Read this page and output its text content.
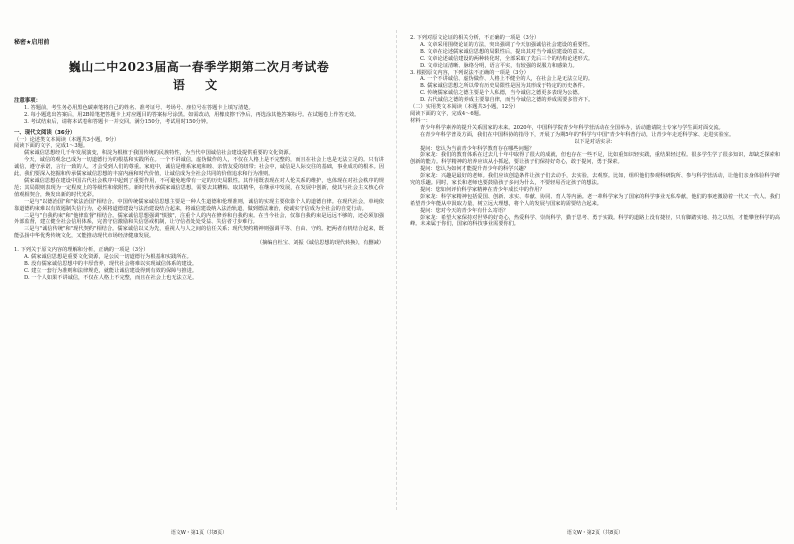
秘密★启用前
巍山二中2023届高一春季学期第二次月考试卷
语 文

注意事项：

1. 答题前，考生务必用黑色碳素笔将自己的姓名、准考证号、考场号、座位号在答题卡上填写清楚。

2. 每小题选出答案后，用2B铅笔把答题卡上对应题目的答案标号涂黑。如需改动，用橡皮擦干净后，再选涂其他答案标号。在试题卷上作答无效。

3. 考试结束后，请将本试卷和答题卡一并交回。满分150分，考试用时150分钟。

一、现代文阅读（36分）

（一）论述类文本阅读（本题共3小题，9分）

阅读下面的文字，完成1～3题。

儒家诚信思想经几千年发展演变，积淀为根植于我国传统的民族特性，为当代中国诚信社会建设提供重要的文化资源。

今天，诚信的观念已成为一切道德行为的根基和实践所在。一个不讲诚信，虚伪做作的人，不仅在人格上是不完整的，而且在社会上也是无法立足的。只有讲诚信，遵守承诺，言行一致的人，才会受到人们的尊重。家庭中，诚信是维系家庭和睦、亲情友爱的纽带；社会中，诚信是人际交往的基础，事业成功的根本。因此，我们要深入挖掘和传承儒家诚信思想的丰富内涵和时代价值，让诚信成为全社会共同的价值追求和行为准则。

儒家诚信思想在建设中国古代社会秩序中起到了重要作用，不可避免地带有一定的历史局限性。其作用既表现在对人伦关系的维护，也体现在对社会秩序的规范；其局限则表现为一定程度上的等级性和依附性。新时代传承儒家诚信思想，需要去其糟粕、取其精华，在继承中发展，在发展中创新，使其与社会主义核心价值观相契合，焕发出新的时代光彩。

一是与"以德治国"和"依法治国"相结合。中国传统儒家诚信思想主要是一种人生道德和伦理准则，诚信的实现主要依靠个人的道德自律。在现代社会，单纯依靠道德约束难以有效遏制失信行为，必须将道德建设与法治建设结合起来，将诚信建设纳入法治轨道，做到德法兼治，使诚实守信成为全社会的自觉行动。

二是与"自我约束"和"他律监督"相结合。儒家诚信思想强调"慎独"，注重个人的内在修养和自我约束。在当今社会，仅靠自我约束是远远不够的，还必须加强外部监督，建立健全社会信用体系，完善守信激励和失信惩戒机制，让守信者处处受益、失信者寸步难行。

三是与"诚信传统"和"现代契约"相结合。儒家诚信以义为先，重视人与人之间的信任关系；现代契约精神则强调平等、自由、守约。把两者有机结合起来，既能弘扬中华优秀传统文化，又能推动现代市场经济健康发展。

（摘编自杜宝、刘振《诚信思想的现代转换》，有删减）

1. 下列关于原文内容的理解和分析，正确的一项是（3分）

A. 儒家诚信思想是重要文化资源，是公民一切道德行为根基和实践所在。

B. 没有儒家诚信思想中的丰厚营养，现代社会将难以实现诚信体系的建设。

C. 建立一套行为准则和法律规范，就能让诚信建设得到有效的保障与推进。

D. 一个人如果不讲诚信，不仅在人格上不完整，而且在社会上也无法立足。

语文W・第1页（共8页）

2. 下列对原文论证的相关分析，不正确的一项是（3分）

A. 文章采用围绕论证的方法，突出强调了今天加强诚信社会建设的重要性。

B. 文章在论述儒家诚信思想的局限性后，提出其对当今诚信建设的意义。

C. 文章论述诚信建设的两种转化时，全部采取了先后三个的结构论述形式。

D. 文章论证清晰、脉络分明，语言平实，有较强的说服力和感染力。

3. 根据原文内容，下列说法不正确的一项是（3分）

A. 一个不讲诚信、虚伪做作、人格上不健全的人，在社会上是无法立足的。

B. 儒家诚信思想之所以带有历史局限性是因为其形成于特定的历史条件。

C. 传统儒家诚信之德主要是个人私德，当今诚信之德更多表现为公德。

D. 古代诚信之德的养成主要靠自律，而当今诚信之德的养成需要多管齐下。

（二）实用类文本阅读（本题共3小题，12分）

阅读下面的文字，完成4～6题。

材料一：

青少年科学素养的提升关系国家的未来。2020年，中国科学院青少年科学营活动在全国举办，活动邀请院士专家与学生面对面交流。

在青少年科学普及方面，我们在中国科协的指导下，开展了为期5年的"科学与中国"青少年科普行动，让青少年走近科学家、走进实验室。

以下是对话实录：

提问：您认为当前青少年科学教育存在哪些问题？

彭家龙：我们的教育体系在过去几十年中取得了很大的成就，但也存在一些不足，比如重知识轻实践，重结果轻过程。很多学生学了很多知识，却缺乏探索和创新的能力。科学精神的培养应该从小抓起，要让孩子们保持好奇心，敢于提问，勇于探索。

提问：您认为如何才能提升青少年的科学兴趣？

彭家龙：兴趣是最好的老师。我们应该创造条件让孩子们去动手，去实验，去观察。比如，组织他们参观科研院所、参与科学营活动，让他们亲身体验科学研究的乐趣。同时，家长和老师也要鼓励孩子多问为什么，不要轻易否定孩子的想法。

提问：您如何评价科学家精神在青少年成长中的作用？

彭家龙：科学家精神包括爱国、创新、求实、奉献、协同、育人等内涵。老一辈科学家为了国家的科学事业无私奉献，他们的事迹激励着一代又一代人。我们希望青少年能从中汲取力量，树立远大理想，将个人的发展与国家的需要结合起来。

提问：您对今天的青少年有什么寄语？

彭家龙：希望大家保持对世界的好奇心，热爱科学、崇尚科学，勤于思考、勇于实践。科学的道路上没有捷径，只有脚踏实地、持之以恒，才能攀登科学的高峰。未来属于你们，国家的科技事业需要你们。

语文W・第2页（共8页）
